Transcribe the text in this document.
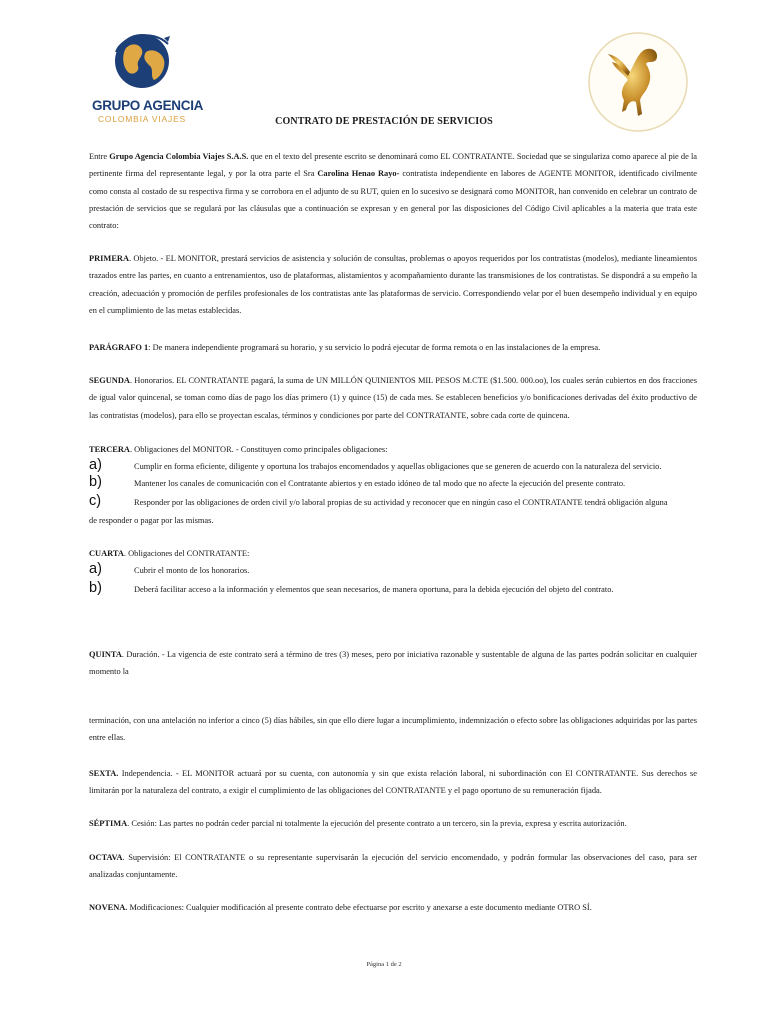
GRUPO AGENCIA
COLOMBIA VIAJES	CONTRATO DE PRESTACIÓN DE SERVICIOS
Entre Grupo Agencia Colombia Viajes S.A.S. que en el texto del presente escrito se denominará como EL CONTRATANTE. Sociedad que se singulariza como aparece al pie de la pertinente firma del representante legal, y por la otra parte el Sra Carolina Henao Rayo- contratista independiente en labores de AGENTE MONITOR, identificado civilmente como consta al costado de su respectiva firma y se corrobora en el adjunto de su RUT, quien en lo sucesivo se designará como MONITOR, han convenido en celebrar un contrato de prestación de servicios que se regulará por las cláusulas que a continuación se expresan y en general por las disposiciones del Código Civil aplicables a la materia que trata este contrato:
PRIMERA. Objeto. - EL MONITOR, prestará servicios de asistencia y solución de consultas, problemas o apoyos requeridos por los contratistas (modelos), mediante lineamientos trazados entre las partes, en cuanto a entrenamientos, uso de plataformas, alistamientos y acompañamiento durante las transmisiones de los contratistas. Se dispondrá a su empeño la creación, adecuación y promoción de perfiles profesionales de los contratistas ante las plataformas de servicio. Correspondiendo velar por el buen desempeño individual y en equipo en el cumplimiento de las metas establecidas.
PARÁGRAFO 1: De manera independiente programará su horario, y su servicio lo podrá ejecutar de forma remota o en las instalaciones de la empresa.
SEGUNDA. Honorarios. EL CONTRATANTE pagará, la suma de UN MILLÓN QUINIENTOS MIL PESOS M.CTE ($1.500. 000.oo), los cuales serán cubiertos en dos fracciones de igual valor quincenal, se toman como días de pago los días primero (1) y quince (15) de cada mes. Se establecen beneficios y/o bonificaciones derivadas del éxito productivo de las contratistas (modelos), para ello se proyectan escalas, términos y condiciones por parte del CONTRATANTE, sobre cada corte de quincena.
TERCERA. Obligaciones del MONITOR. - Constituyen como principales obligaciones:
a)	Cumplir en forma eficiente, diligente y oportuna los trabajos encomendados y aquellas obligaciones que se generen de acuerdo con la naturaleza del servicio.
b)	Mantener los canales de comunicación con el Contratante abiertos y en estado idóneo de tal modo que no afecte la ejecución del presente contrato.
c)	Responder por las obligaciones de orden civil y/o laboral propias de su actividad y reconocer que en ningún caso el CONTRATANTE tendrá obligación alguna
de responder o pagar por las mismas.
CUARTA. Obligaciones del CONTRATANTE:
a)	Cubrir el monto de los honorarios.
b)	Deberá facilitar acceso a la información y elementos que sean necesarios, de manera oportuna, para la debida ejecución del objeto del contrato.
QUINTA. Duración. - La vigencia de este contrato será a término de tres (3) meses, pero por iniciativa razonable y sustentable de alguna de las partes podrán solicitar en cualquier momento la
terminación, con una antelación no inferior a cinco (5) días hábiles, sin que ello diere lugar a incumplimiento, indemnización o efecto sobre las obligaciones adquiridas por las partes entre ellas.
SEXTA. Independencia. - EL MONITOR actuará por su cuenta, con autonomía y sin que exista relación laboral, ni subordinación con El CONTRATANTE. Sus derechos se limitarán por la naturaleza del contrato, a exigir el cumplimiento de las obligaciones del CONTRATANTE y el pago oportuno de su remuneración fijada.
SÉPTIMA. Cesión: Las partes no podrán ceder parcial ni totalmente la ejecución del presente contrato a un tercero, sin la previa, expresa y escrita autorización.
OCTAVA. Supervisión: El CONTRATANTE o su representante supervisarán la ejecución del servicio encomendado, y podrán formular las observaciones del caso, para ser analizadas conjuntamente.
NOVENA. Modificaciones: Cualquier modificación al presente contrato debe efectuarse por escrito y anexarse a este documento mediante OTRO SÍ.
Página 1 de 2
